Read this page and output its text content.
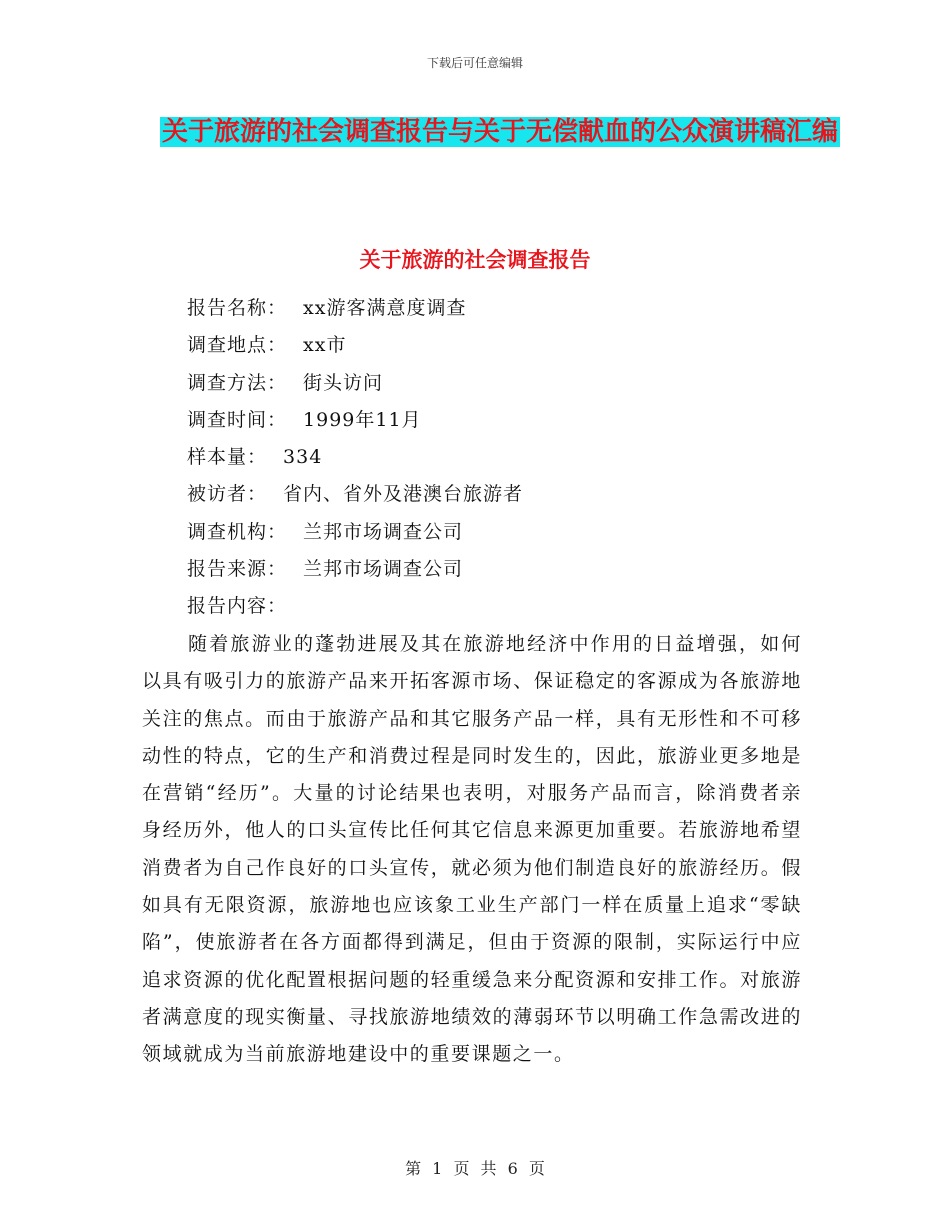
下载后可任意编辑
关于旅游的社会调查报告与关于无偿献血的公众演讲稿汇编
关于旅游的社会调查报告
报告名称： xx游客满意度调查
调查地点： xx市
调查方法： 街头访问
调查时间： 1999年11月
样本量： 334
被访者： 省内、省外及港澳台旅游者
调查机构： 兰邦市场调查公司
报告来源： 兰邦市场调查公司
报告内容：

随着旅游业的蓬勃进展及其在旅游地经济中作用的日益增强，如何以具有吸引力的旅游产品来开拓客源市场、保证稳定的客源成为各旅游地关注的焦点。而由于旅游产品和其它服务产品一样，具有无形性和不可移动性的特点，它的生产和消费过程是同时发生的，因此，旅游业更多地是在营销“经历”。大量的讨论结果也表明，对服务产品而言，除消费者亲身经历外，他人的口头宣传比任何其它信息来源更加重要。若旅游地希望消费者为自己作良好的口头宣传，就必须为他们制造良好的旅游经历。假如具有无限资源，旅游地也应该象工业生产部门一样在质量上追求“零缺陷”，使旅游者在各方面都得到满足，但由于资源的限制，实际运行中应追求资源的优化配置根据问题的轻重缓急来分配资源和安排工作。对旅游者满意度的现实衡量、寻找旅游地绩效的薄弱环节以明确工作急需改进的领域就成为当前旅游地建设中的重要课题之一。

第 1 页 共 6 页
